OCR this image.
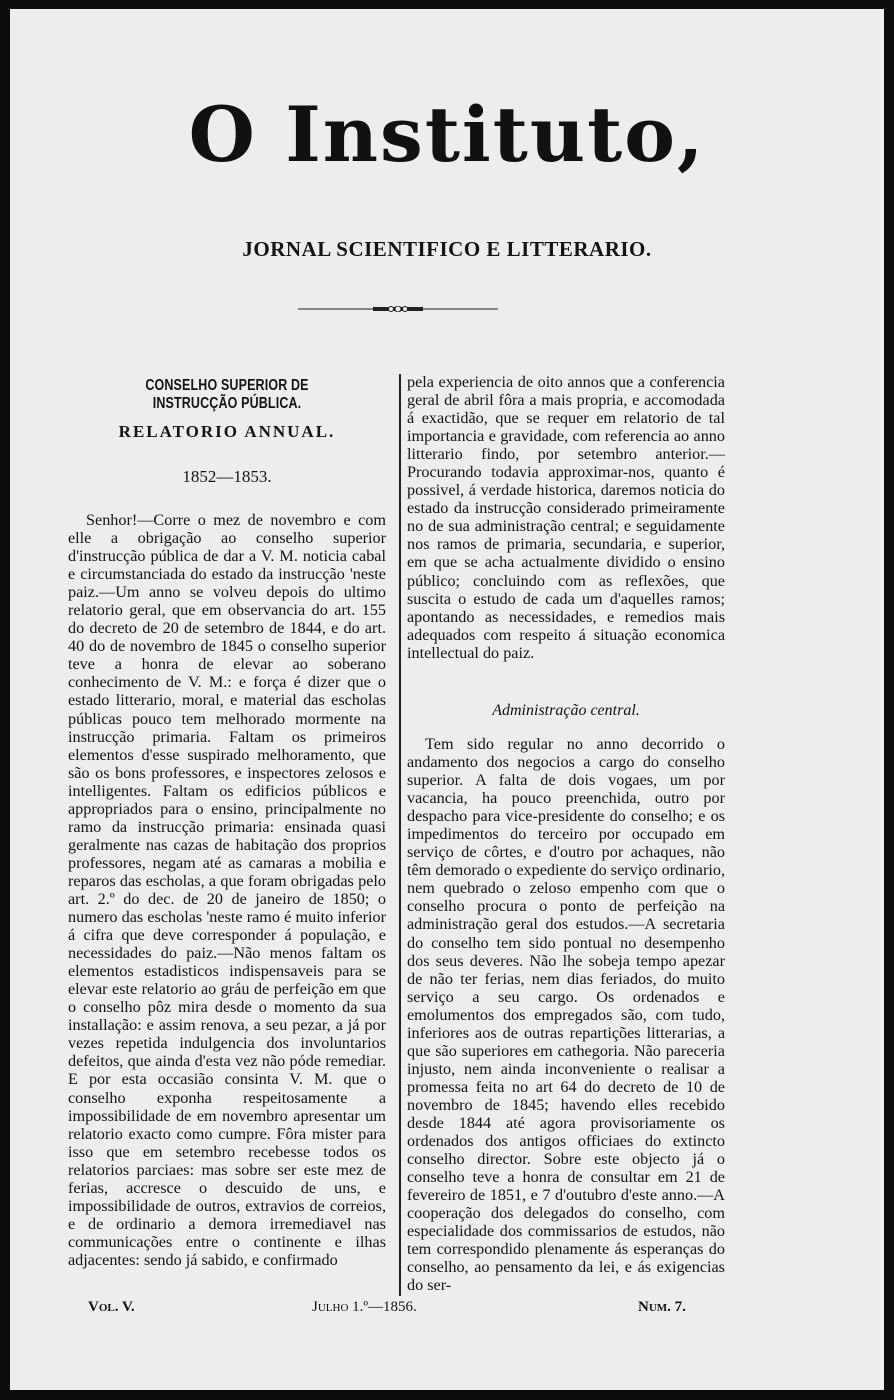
O Instituto,
JORNAL SCIENTIFICO E LITTERARIO.
CONSELHO SUPERIOR DE INSTRUCÇÃO PÚBLICA.
RELATORIO ANNUAL.
1852—1853.

Senhor!—Corre o mez de novembro e com elle a obrigação ao conselho superior d'instrucção pública de dar a V. M. noticia cabal e circumstanciada do estado da instrucção 'neste paiz.—Um anno se volveu depois do ultimo relatorio geral, que em observancia do art. 155 do decreto de 20 de setembro de 1844, e do art. 40 do de novembro de 1845 o conselho superior teve a honra de elevar ao soberano conhecimento de V. M.: e força é dizer que o estado litterario, moral, e material das escholas públicas pouco tem melhorado mormente na instrucção primaria. Faltam os primeiros elementos d'esse suspirado melhoramento, que são os bons professores, e inspectores zelosos e intelligentes. Faltam os edificios públicos e appropriados para o ensino, principalmente no ramo da instrucção primaria: ensinada quasi geralmente nas cazas de habitação dos proprios professores, negam até as camaras a mobilia e reparos das escholas, a que foram obrigadas pelo art. 2.º do dec. de 20 de janeiro de 1850; o numero das escholas 'neste ramo é muito inferior á cifra que deve corresponder á população, e necessidades do paiz.—Não menos faltam os elementos estadisticos indispensaveis para se elevar este relatorio ao gráu de perfeição em que o conselho pôz mira desde o momento da sua installação: e assim renova, a seu pezar, a já por vezes repetida indulgencia dos involuntarios defeitos, que ainda d'esta vez não póde remediar. E por esta occasião consinta V. M. que o conselho exponha respeitosamente a impossibilidade de em novembro apresentar um relatorio exacto como cumpre. Fôra mister para isso que em setembro recebesse todos os relatorios parciaes: mas sobre ser este mez de ferias, accresce o descuido de uns, e impossibilidade de outros, extravios de correios, e de ordinario a demora irremediavel nas communicações entre o continente e ilhas adjacentes: sendo já sabido, e confirmado

pela experiencia de oito annos que a conferencia geral de abril fôra a mais propria, e accomodada á exactidão, que se requer em relatorio de tal importancia e gravidade, com referencia ao anno litterario findo, por setembro anterior.—Procurando todavia approximar-nos, quanto é possivel, á verdade historica, daremos noticia do estado da instrucção considerado primeiramente no de sua administração central; e seguidamente nos ramos de primaria, secundaria, e superior, em que se acha actualmente dividido o ensino público; concluindo com as reflexões, que suscita o estudo de cada um d'aquelles ramos; apontando as necessidades, e remedios mais adequados com respeito á situação economica intellectual do paiz.

Administração central.

Tem sido regular no anno decorrido o andamento dos negocios a cargo do conselho superior. A falta de dois vogaes, um por vacancia, ha pouco preenchida, outro por despacho para vice-presidente do conselho; e os impedimentos do terceiro por occupado em serviço de côrtes, e d'outro por achaques, não têm demorado o expediente do serviço ordinario, nem quebrado o zeloso empenho com que o conselho procura o ponto de perfeição na administração geral dos estudos.—A secretaria do conselho tem sido pontual no desempenho dos seus deveres. Não lhe sobeja tempo apezar de não ter ferias, nem dias feriados, do muito serviço a seu cargo. Os ordenados e emolumentos dos empregados são, com tudo, inferiores aos de outras repartições litterarias, a que são superiores em cathegoria. Não pareceria injusto, nem ainda inconveniente o realisar a promessa feita no art 64 do decreto de 10 de novembro de 1845; havendo elles recebido desde 1844 até agora provisoriamente os ordenados dos antigos officiaes do extincto conselho director. Sobre este objecto já o conselho teve a honra de consultar em 21 de fevereiro de 1851, e 7 d'outubro d'este anno.—A cooperação dos delegados do conselho, com especialidade dos commissarios de estudos, não tem correspondido plenamente ás esperanças do conselho, ao pensamento da lei, e ás exigencias do ser-

Vol. V.	Julho 1.º—1856.	Num. 7.
